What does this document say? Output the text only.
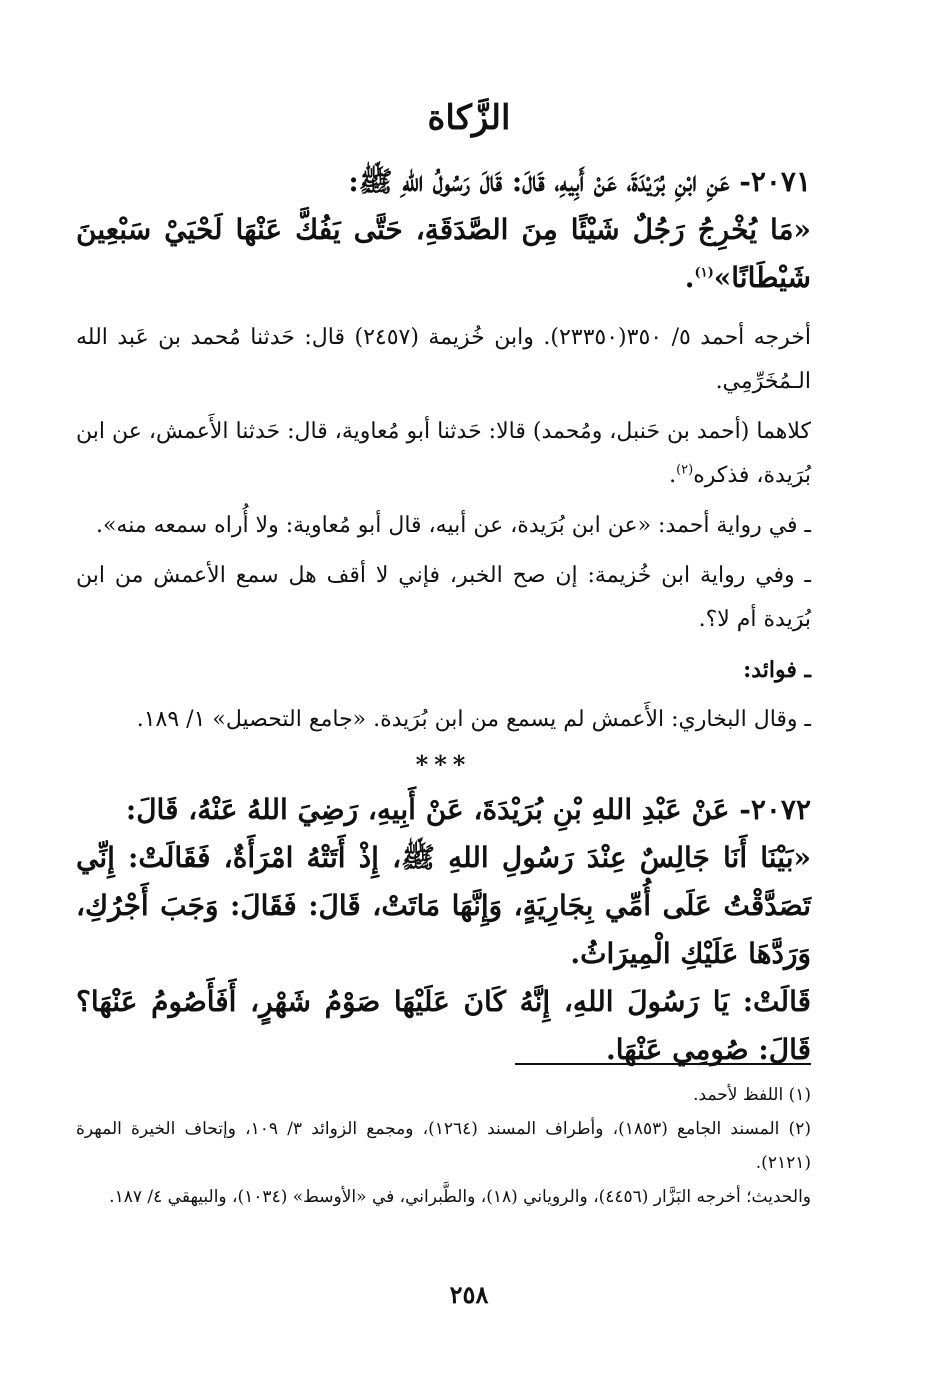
الزَّكاة

٢٠٧١- عَنِ ابْنِ بُرَيْدَةَ، عَنْ أَبِيهِ، قَالَ: قَالَ رَسُولُ اللهِ ﷺ:

«مَا يُخْرِجُ رَجُلٌ شَيْئًا مِنَ الصَّدَقَةِ، حَتَّى يَفُكَّ عَنْهَا لَحْيَيْ سَبْعِينَ شَيْطَانًا»$^{(١)}$.

أخرجه أحمد ٥/ ٣٥٠(٢٣٣٥٠). وابن خُزيمة (٢٤٥٧) قال: حَدثنا مُحمد بن عَبد الله الـمُخَرِّمِي.

كلاهما (أحمد بن حَنبل، ومُحمد) قالا: حَدثنا أبو مُعاوية، قال: حَدثنا الأَعمش، عن ابن بُرَيدة، فذكره$^{(٢)}$.

ـ في رواية أحمد: «عن ابن بُرَيدة، عن أبيه، قال أبو مُعاوية: ولا أُراه سمعه منه».

ـ وفي رواية ابن خُزيمة: إن صح الخبر، فإني لا أقف هل سمع الأعمش من ابن بُرَيدة أم لا؟.

ـ فوائد:

ـ وقال البخاري: الأَعمش لم يسمع من ابن بُرَيدة. «جامع التحصيل» ١/ ١٨٩.

***

٢٠٧٢- عَنْ عَبْدِ اللهِ بْنِ بُرَيْدَةَ، عَنْ أَبِيهِ، رَضِيَ اللهُ عَنْهُ، قَالَ:

«بَيْنَا أَنَا جَالِسٌ عِنْدَ رَسُولِ اللهِ ﷺ، إِذْ أَتَتْهُ امْرَأَةٌ، فَقَالَتْ: إِنِّي تَصَدَّقْتُ عَلَى أُمِّي بِجَارِيَةٍ، وَإِنَّهَا مَاتَتْ، قَالَ: فَقَالَ: وَجَبَ أَجْرُكِ، وَرَدَّهَا عَلَيْكِ الْمِيرَاثُ.

قَالَتْ: يَا رَسُولَ اللهِ، إِنَّهُ كَانَ عَلَيْهَا صَوْمُ شَهْرٍ، أَفَأَصُومُ عَنْهَا؟ قَالَ: صُومِي عَنْهَا.

(١) اللفظ لأحمد.

(٢) المسند الجامع (١٨٥٣)، وأطراف المسند (١٢٦٤)، ومجمع الزوائد ٣/ ١٠٩، وإتحاف الخيرة المهرة (٢١٢١).

والحديث؛ أخرجه البَزَّار (٤٤٥٦)، والروياني (١٨)، والطَّبراني، في «الأوسط» (١٠٣٤)، والبيهقي ٤/ ١٨٧.

٢٥٨
